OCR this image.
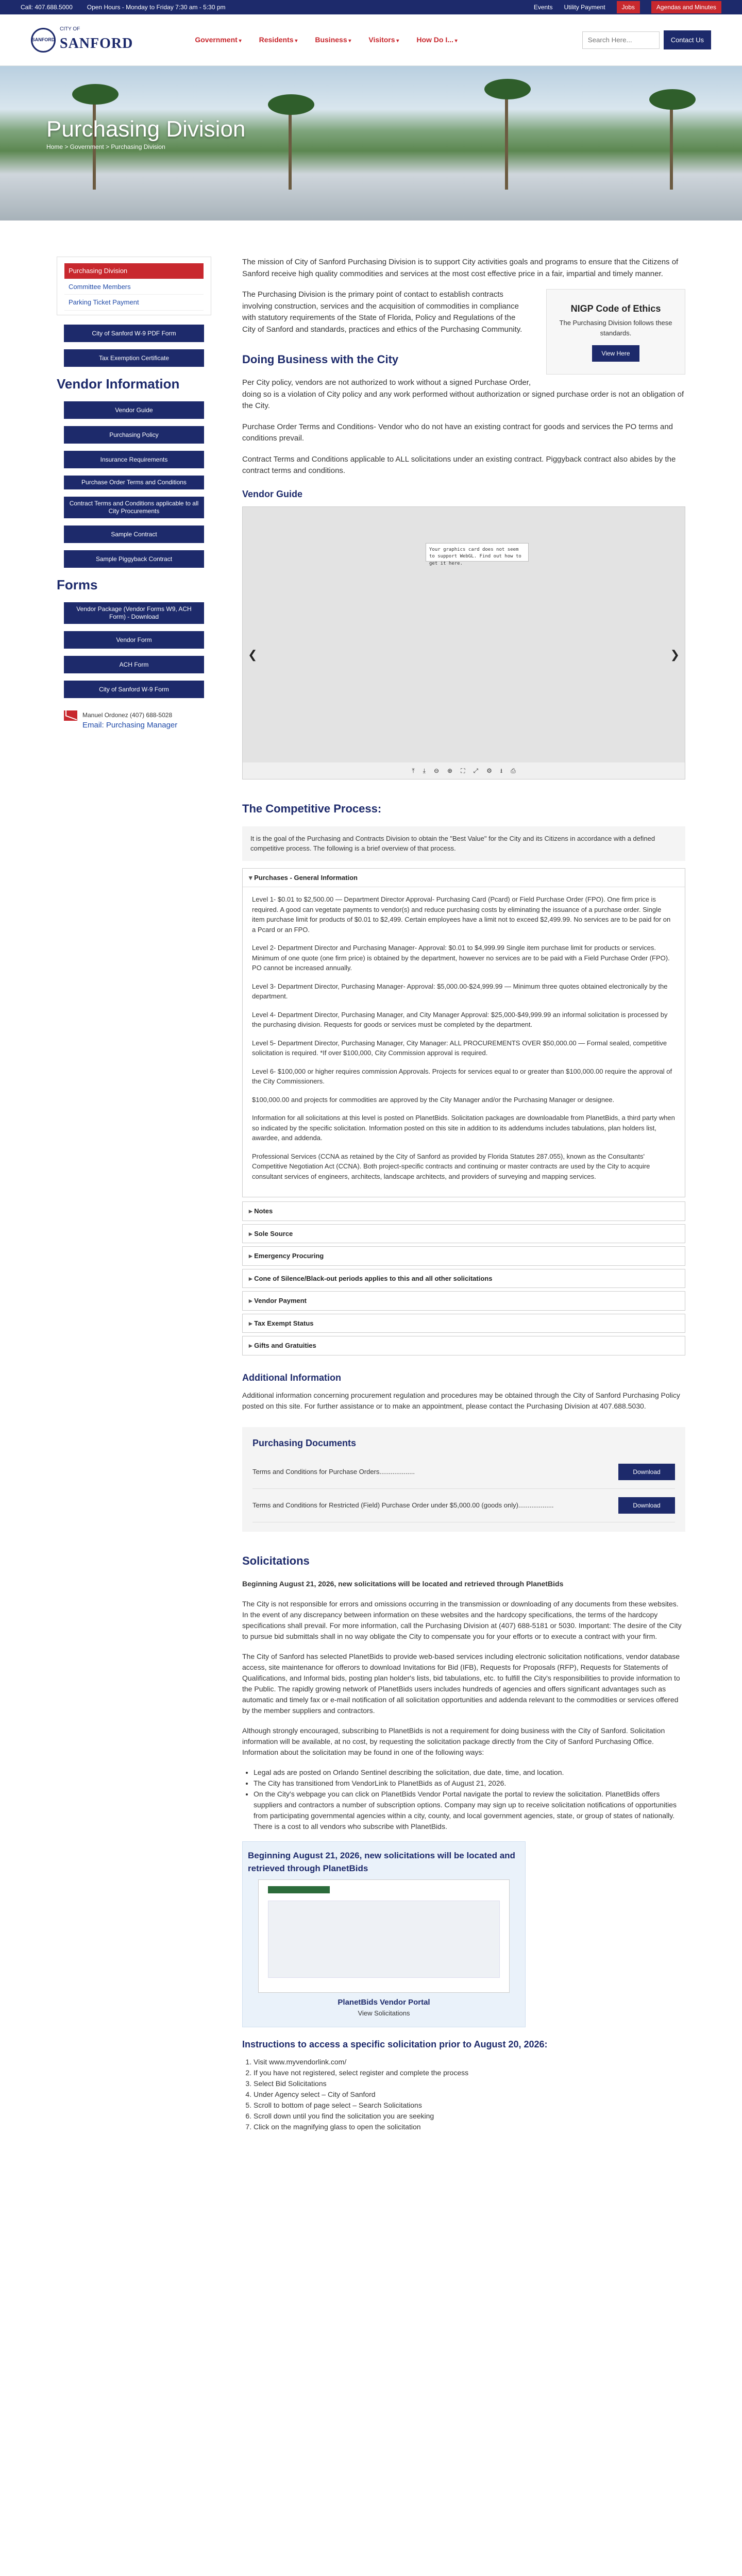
Call: 407.688.5000 Open Hours - Monday to Friday 7:30 am - 5:30 pm	Events Utility Payment	Jobs	Agendas and Minutes
SANFORD
CITY OF
SANFORD	Government ▾	Residents ▾	Business ▾	Visitors ▾	How Do I... ▾
Search Here...	Contact Us
Purchasing Division
Home > Government > Purchasing Division
Purchasing Division
Committee Members
Parking Ticket Payment
City of Sanford W-9 PDF Form
Tax Exemption Certificate
Vendor Information
Vendor Guide
Purchasing Policy
Insurance Requirements
Purchase Order Terms and Conditions
Contract Terms and Conditions applicable to all City Procurements
Sample Contract
Sample Piggyback Contract
Forms
Vendor Package (Vendor Forms W9, ACH Form) - Download
Vendor Form
ACH Form
City of Sanford W-9 Form
Manuel Ordonez (407) 688-5028
Email: Purchasing Manager

The mission of City of Sanford Purchasing Division is to support City activities goals and programs to ensure that the Citizens of Sanford receive high quality commodities and services at the most cost effective price in a fair, impartial and timely manner.

NIGP Code of Ethics
The Purchasing Division follows these standards.
View Here

The Purchasing Division is the primary point of contact to establish contracts involving construction, services and the acquisition of commodities in compliance with statutory requirements of the State of Florida, Policy and Regulations of the City of Sanford and standards, practices and ethics of the Purchasing Community.

Doing Business with the City

Per City policy, vendors are not authorized to work without a signed Purchase Order, doing so is a violation of City policy and any work performed without authorization or signed purchase order is not an obligation of the City.

Purchase Order Terms and Conditions- Vendor who do not have an existing contract for goods and services the PO terms and conditions prevail.

Contract Terms and Conditions applicable to ALL solicitations under an existing contract. Piggyback contract also abides by the contract terms and conditions.

Vendor Guide
Your graphics card does not seem to support WebGL. Find out how to get it here.
❮	❯
⤒ ⤓ ⊖ ⊕ ⛶ ⤢ ⚙ ⭳ ⎙
The Competitive Process:
It is the goal of the Purchasing and Contracts Division to obtain the "Best Value" for the City and its Citizens in accordance with a defined competitive process. The following is a brief overview of that process.
▾ Purchases - General Information

Level 1- $0.01 to $2,500.00 — Department Director Approval- Purchasing Card (Pcard) or Field Purchase Order (FPO). One firm price is required. A good can vegetate payments to vendor(s) and reduce purchasing costs by eliminating the issuance of a purchase order. Single item purchase limit for products of $0.01 to $2,499. Certain employees have a limit not to exceed $2,499.99. No services are to be paid for on a Pcard or an FPO.

Level 2- Department Director and Purchasing Manager- Approval: $0.01 to $4,999.99 Single item purchase limit for products or services. Minimum of one quote (one firm price) is obtained by the department, however no services are to be paid with a Field Purchase Order (FPO). PO cannot be increased annually.

Level 3- Department Director, Purchasing Manager- Approval: $5,000.00-$24,999.99 — Minimum three quotes obtained electronically by the department.

Level 4- Department Director, Purchasing Manager, and City Manager Approval: $25,000-$49,999.99 an informal solicitation is processed by the purchasing division. Requests for goods or services must be completed by the department.

Level 5- Department Director, Purchasing Manager, City Manager: ALL PROCUREMENTS OVER $50,000.00 — Formal sealed, competitive solicitation is required. *If over $100,000, City Commission approval is required.

Level 6- $100,000 or higher requires commission Approvals. Projects for services equal to or greater than $100,000.00 require the approval of the City Commissioners.

$100,000.00 and projects for commodities are approved by the City Manager and/or the Purchasing Manager or designee.

Information for all solicitations at this level is posted on PlanetBids. Solicitation packages are downloadable from PlanetBids, a third party when so indicated by the specific solicitation. Information posted on this site in addition to its addendums includes tabulations, plan holders list, awardee, and addenda.

Professional Services (CCNA as retained by the City of Sanford as provided by Florida Statutes 287.055), known as the Consultants' Competitive Negotiation Act (CCNA). Both project-specific contracts and continuing or master contracts are used by the City to acquire consultant services of engineers, architects, landscape architects, and providers of surveying and mapping services.

▸ Notes
▸ Sole Source
▸ Emergency Procuring
▸ Cone of Silence/Black-out periods applies to this and all other solicitations
▸ Vendor Payment
▸ Tax Exempt Status
▸ Gifts and Gratuities
Additional Information

Additional information concerning procurement regulation and procedures may be obtained through the City of Sanford Purchasing Policy posted on this site. For further assistance or to make an appointment, please contact the Purchasing Division at 407.688.5030.

Purchasing Documents
Terms and Conditions for Purchase Orders...................	Download
Terms and Conditions for Restricted (Field) Purchase Order under $5,000.00 (goods only)...................	Download
Solicitations

Beginning August 21, 2026, new solicitations will be located and retrieved through PlanetBids

The City is not responsible for errors and omissions occurring in the transmission or downloading of any documents from these websites. In the event of any discrepancy between information on these websites and the hardcopy specifications, the terms of the hardcopy specifications shall prevail. For more information, call the Purchasing Division at (407) 688-5181 or 5030. Important: The desire of the City to pursue bid submittals shall in no way obligate the City to compensate you for your efforts or to execute a contract with your firm.

The City of Sanford has selected PlanetBids to provide web-based services including electronic solicitation notifications, vendor database access, site maintenance for offerors to download Invitations for Bid (IFB), Requests for Proposals (RFP), Requests for Statements of Qualifications, and Informal bids, posting plan holder's lists, bid tabulations, etc. to fulfill the City's responsibilities to provide information to the Public. The rapidly growing network of PlanetBids users includes hundreds of agencies and offers significant advantages such as automatic and timely fax or e-mail notification of all solicitation opportunities and addenda relevant to the commodities or services offered by the member suppliers and contractors.

Although strongly encouraged, subscribing to PlanetBids is not a requirement for doing business with the City of Sanford. Solicitation information will be available, at no cost, by requesting the solicitation package directly from the City of Sanford Purchasing Office. Information about the solicitation may be found in one of the following ways:

• Legal ads are posted on Orlando Sentinel describing the solicitation, due date, time, and location.
• The City has transitioned from VendorLink to PlanetBids as of August 21, 2026.
• On the City's webpage you can click on PlanetBids Vendor Portal navigate the portal to review the solicitation. PlanetBids offers suppliers and contractors a number of subscription options. Company may sign up to receive solicitation notifications of opportunities from participating governmental agencies within a city, county, and local government agencies, state, or group of states of nationally. There is a cost to all vendors who subscribe with PlanetBids.
Beginning August 21, 2026, new solicitations will be located and retrieved through PlanetBids
PlanetBids Vendor Portal
View Solicitations
Instructions to access a specific solicitation prior to August 20, 2026:
1. Visit www.myvendorlink.com/
2. If you have not registered, select register and complete the process
3. Select Bid Solicitations
4. Under Agency select – City of Sanford
5. Scroll to bottom of page select – Search Solicitations
6. Scroll down until you find the solicitation you are seeking
7. Click on the magnifying glass to open the solicitation
